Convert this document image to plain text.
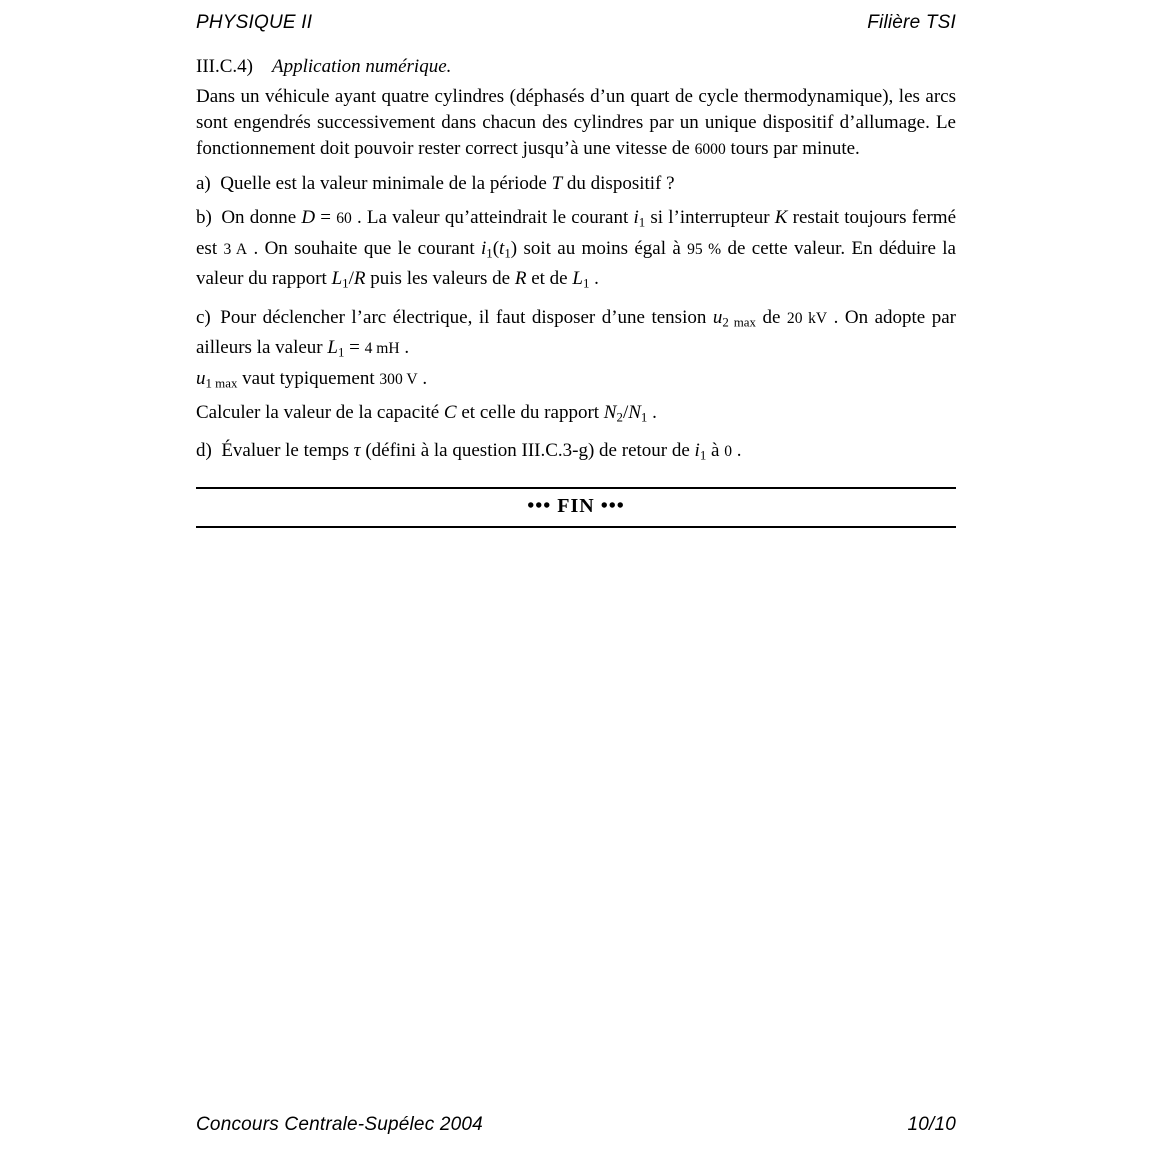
PHYSIQUE II	Filière TSI

III.C.4)  Application numérique.

Dans un véhicule ayant quatre cylindres (déphasés d’un quart de cycle thermodynamique), les arcs sont engendrés successivement dans chacun des cylindres par un unique dispositif d’allumage. Le fonctionnement doit pouvoir rester correct jusqu’à une vitesse de 6000 tours par minute.

a) Quelle est la valeur minimale de la période T du dispositif ?

b) On donne D = 60 . La valeur qu’atteindrait le courant i1 si l’interrupteur K restait toujours fermé est 3 A . On souhaite que le courant i1(t1) soit au moins égal à 95 % de cette valeur. En déduire la valeur du rapport L1/R puis les valeurs de R et de L1 .

c) Pour déclencher l’arc électrique, il faut disposer d’une tension u2 max de 20 kV . On adopte par ailleurs la valeur L1 = 4 mH .

u1 max vaut typiquement 300 V .

Calculer la valeur de la capacité C et celle du rapport N2/N1 .

d) Évaluer le temps τ (défini à la question III.C.3-g) de retour de i1 à 0 .

••• FIN •••
Concours Centrale-Supélec 2004	10/10
